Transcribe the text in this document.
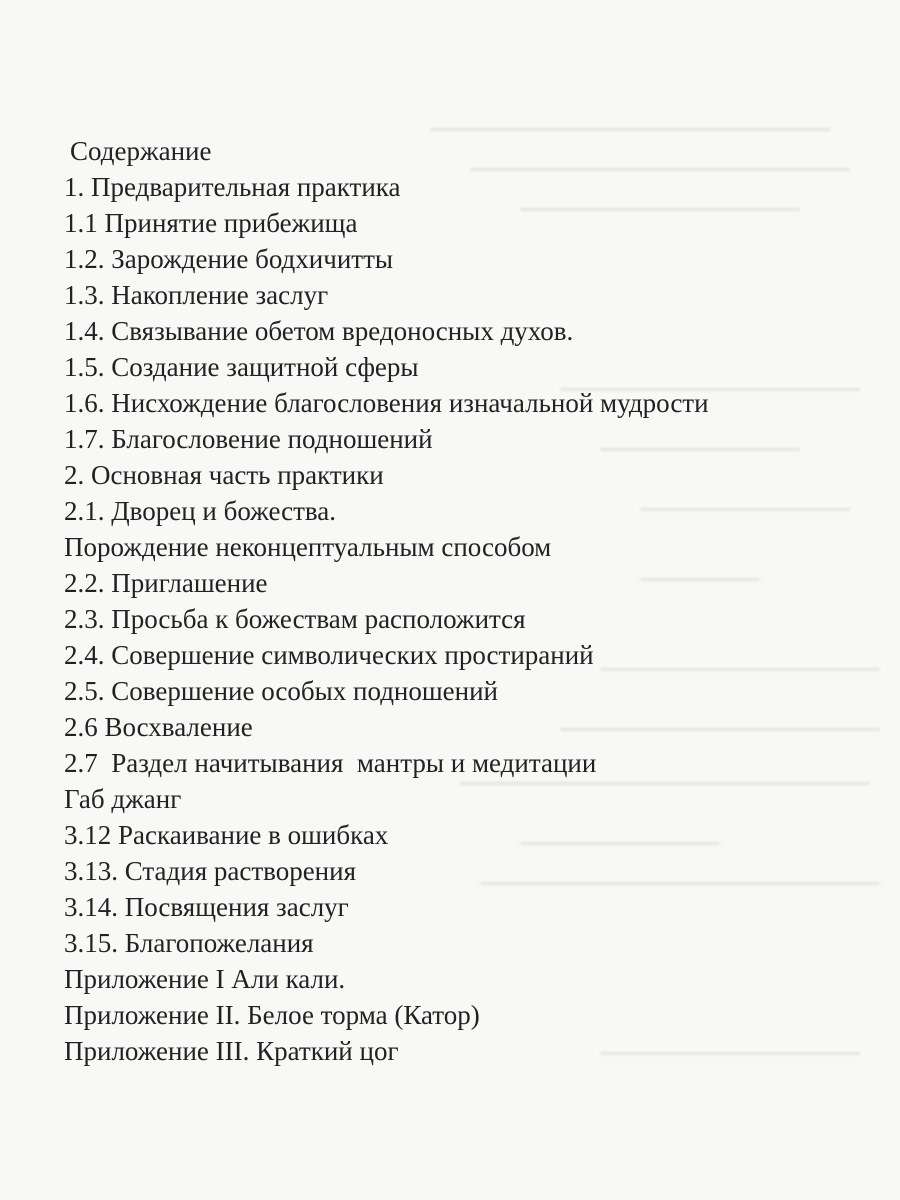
Содержание
1. Предварительная практика
1.1 Принятие прибежища
1.2. Зарождение бодхичитты
1.3. Накопление заслуг
1.4. Связывание обетом вредоносных духов.
1.5. Создание защитной сферы
1.6. Нисхождение благословения изначальной мудрости
1.7. Благословение подношений
2. Основная часть практики
2.1. Дворец и божества.
Порождение неконцептуальным способом
2.2. Приглашение
2.3. Просьба к божествам расположится
2.4. Совершение символических простираний
2.5. Совершение особых подношений
2.6 Восхваление
2.7  Раздел начитывания  мантры и медитации
Габ джанг
3.12 Раскаивание в ошибках
3.13. Стадия растворения
3.14. Посвящения заслуг
3.15. Благопожелания
Приложение I Али кали.
Приложение II. Белое торма (Катор)
Приложение III. Краткий цог
